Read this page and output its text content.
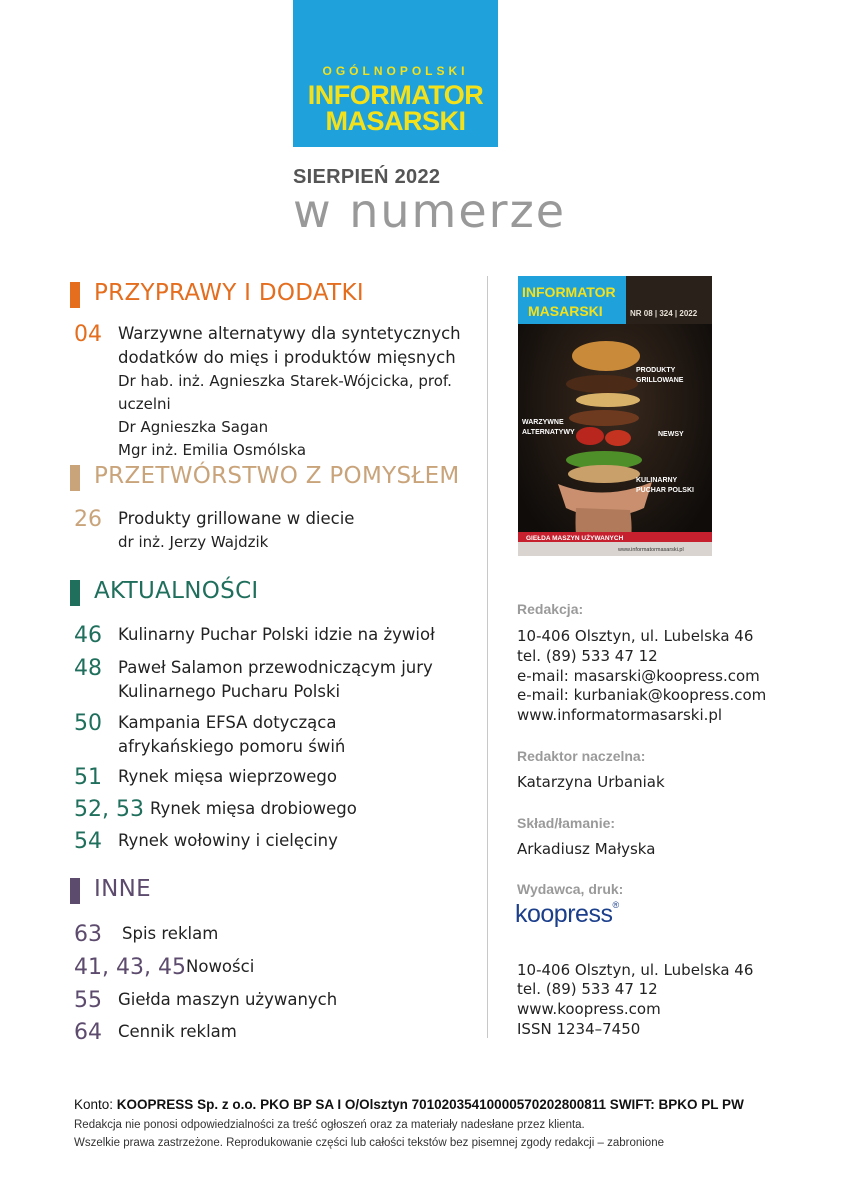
OGÓLNOPOLSKI
INFORMATOR
MASARSKI
SIERPIEŃ 2022
w numerze
PRZYPRAWY I DODATKI
04 Warzywne alternatywy dla syntetycznych
dodatków do mięs i produktów mięsnych
Dr hab. inż. Agnieszka Starek-Wójcicka, prof. uczelni
Dr Agnieszka Sagan
Mgr inż. Emilia Osmólska
PRZETWÓRSTWO Z POMYSŁEM
26 Produkty grillowane w diecie
dr inż. Jerzy Wajdzik
AKTUALNOŚCI
46 Kulinarny Puchar Polski idzie na żywioł
48 Paweł Salamon przewodniczącym jury
Kulinarnego Pucharu Polski
50 Kampania EFSA dotycząca
afrykańskiego pomoru świń
51 Rynek mięsa wieprzowego
52, 53 Rynek mięsa drobiowego
54 Rynek wołowiny i cielęciny
INNE
63 Spis reklam
41, 43, 45 Nowości
55 Giełda maszyn używanych
64 Cennik reklam
INFORMATOR
MASARSKI	NR 08 | 324 | 2022
PRODUKTY
GRILLOWANE
WARZYWNE
ALTERNATYWY	NEWSY
KULINARNY
PUCHAR POLSKI
GIEŁDA MASZYN UŻYWANYCH
www.informatormasarski.pl
Redakcja:
10-406 Olsztyn, ul. Lubelska 46
tel. (89) 533 47 12
e-mail: masarski@koopress.com
e-mail: kurbaniak@koopress.com
www.informatormasarski.pl
Redaktor naczelna:
Katarzyna Urbaniak
Skład/łamanie:
Arkadiusz Małyska
Wydawca, druk:
koopress®
10-406 Olsztyn, ul. Lubelska 46
tel. (89) 533 47 12
www.koopress.com
ISSN 1234–7450
Konto: KOOPRESS Sp. z o.o. PKO BP SA I O/Olsztyn 70102035410000570202800811 SWIFT: BPKO PL PW
Redakcja nie ponosi odpowiedzialności za treść ogłoszeń oraz za materiały nadesłane przez klienta.
Wszelkie prawa zastrzeżone. Reprodukowanie części lub całości tekstów bez pisemnej zgody redakcji – zabronione
